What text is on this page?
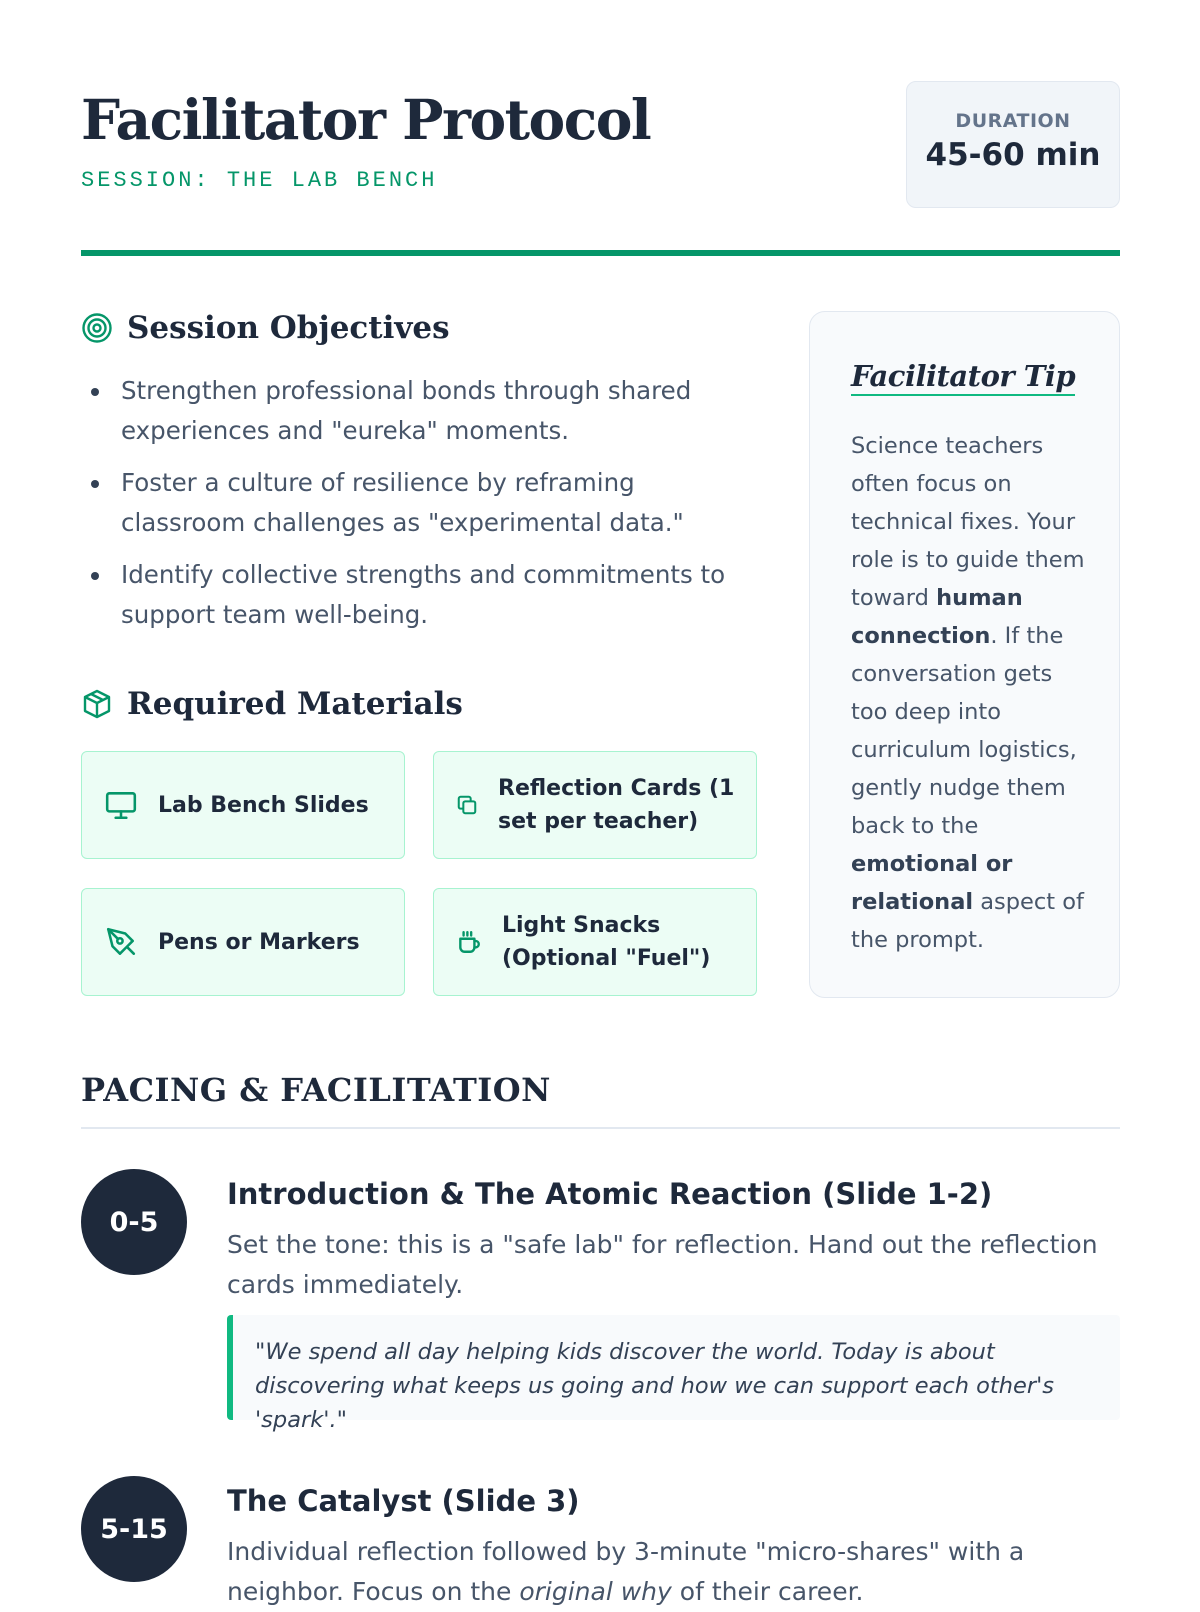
Facilitator Protocol
SESSION: THE LAB BENCH
DURATION
45-60 min
Session Objectives
Strengthen professional bonds through shared experiences and "eureka" moments.
Foster a culture of resilience by reframing classroom challenges as "experimental data."
Identify collective strengths and commitments to support team well-being.
Required Materials
Lab Bench Slides
Reflection Cards (1 set per teacher)
Pens or Markers
Light Snacks (Optional "Fuel")
Facilitator Tip

Science teachers often focus on technical fixes. Your role is to guide them toward human connection. If the conversation gets too deep into curriculum logistics, gently nudge them back to the emotional or relational aspect of the prompt.

PACING & FACILITATION
0-5
Introduction & The Atomic Reaction (Slide 1-2)

Set the tone: this is a "safe lab" for reflection. Hand out the reflection cards immediately.

"We spend all day helping kids discover the world. Today is about discovering what keeps us going and how we can support each other's 'spark'."
5-15
The Catalyst (Slide 3)

Individual reflection followed by 3-minute "micro-shares" with a neighbor. Focus on the original why of their career.
